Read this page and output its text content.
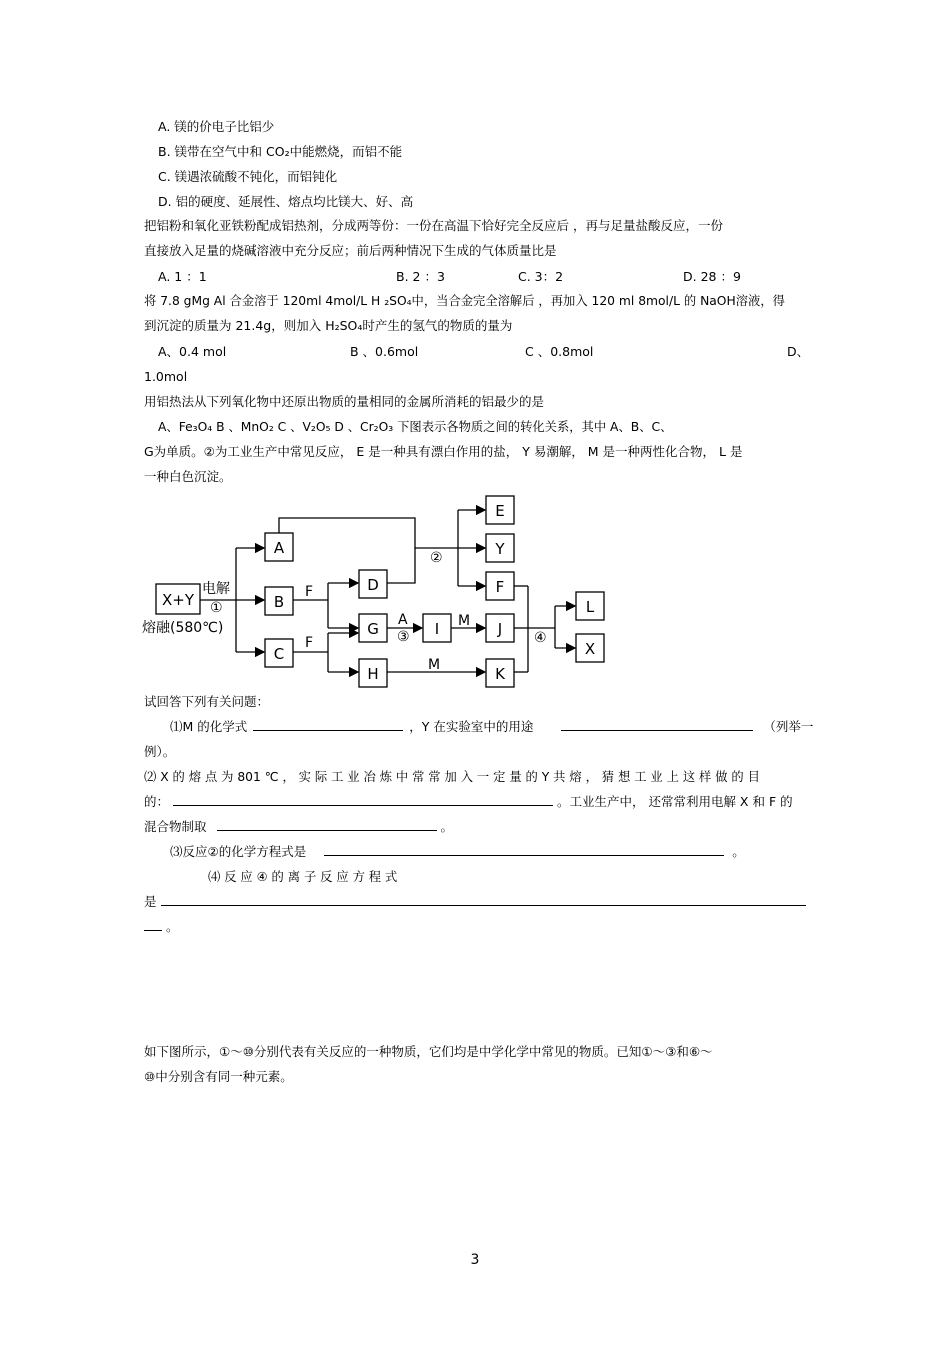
A. 镁的价电子比铝少
B. 镁带在空气中和 CO₂中能燃烧，而铝不能
C. 镁遇浓硫酸不钝化，而铝钝化
D. 铝的硬度、延展性、熔点均比镁大、好、高
把铝粉和氧化亚铁粉配成铝热剂，分成两等份：一份在高温下恰好完全反应后 ，再与足量盐酸反应，一份
直接放入足量的烧碱溶液中充分反应；前后两种情况下生成的气体质量比是
A. 1 ：1	B. 2 ：3	C. 3：2	D. 28 ：9
将 7.8 gMg Al 合金溶于 120ml 4mol/L H ₂SO₄中，当合金完全溶解后 ，再加入 120 ml 8mol/L 的 NaOH溶液，得
到沉淀的质量为 21.4g，则加入 H₂SO₄时产生的氢气的物质的量为
A、0.4 mol	B 、0.6mol	C 、0.8mol	D、
1.0mol
用铝热法从下列氧化物中还原出物质的量相同的金属所消耗的铝最少的是
A、Fe₃O₄ B 、MnO₂ C 、V₂O₅ D 、Cr₂O₃ 下图表示各物质之间的转化关系，其中 A、B、C、
G为单质。②为工业生产中常见反应， E 是一种具有漂白作用的盐， Y 易潮解， M 是一种两性化合物， L 是
一种白色沉淀。
X+Y
电解
①
熔融(580℃)
A
B
C
F
F
D
G
H
②
A
③ I M
M
E
Y
F
J
K
④
L
X
试回答下列有关问题：
⑴M 的化学式	，Y 在实验室中的用途	（列举一
例）。
⑵ X 的 熔 点 为 801 ℃ ， 实 际 工 业 冶 炼 中 常 常 加 入 一 定 量 的 Y 共 熔 ， 猜 想 工 业 上 这 样 做 的 目
的：	。工业生产中， 还常常利用电解 X 和 F 的
混合物制取	。
⑶反应②的化学方程式是	。
⑷ 反 应 ④ 的 离 子 反 应 方 程 式
是
。
如下图所示，①～⑩分别代表有关反应的一种物质，它们均是中学化学中常见的物质。已知①～③和⑥～
⑩中分别含有同一种元素。
3
